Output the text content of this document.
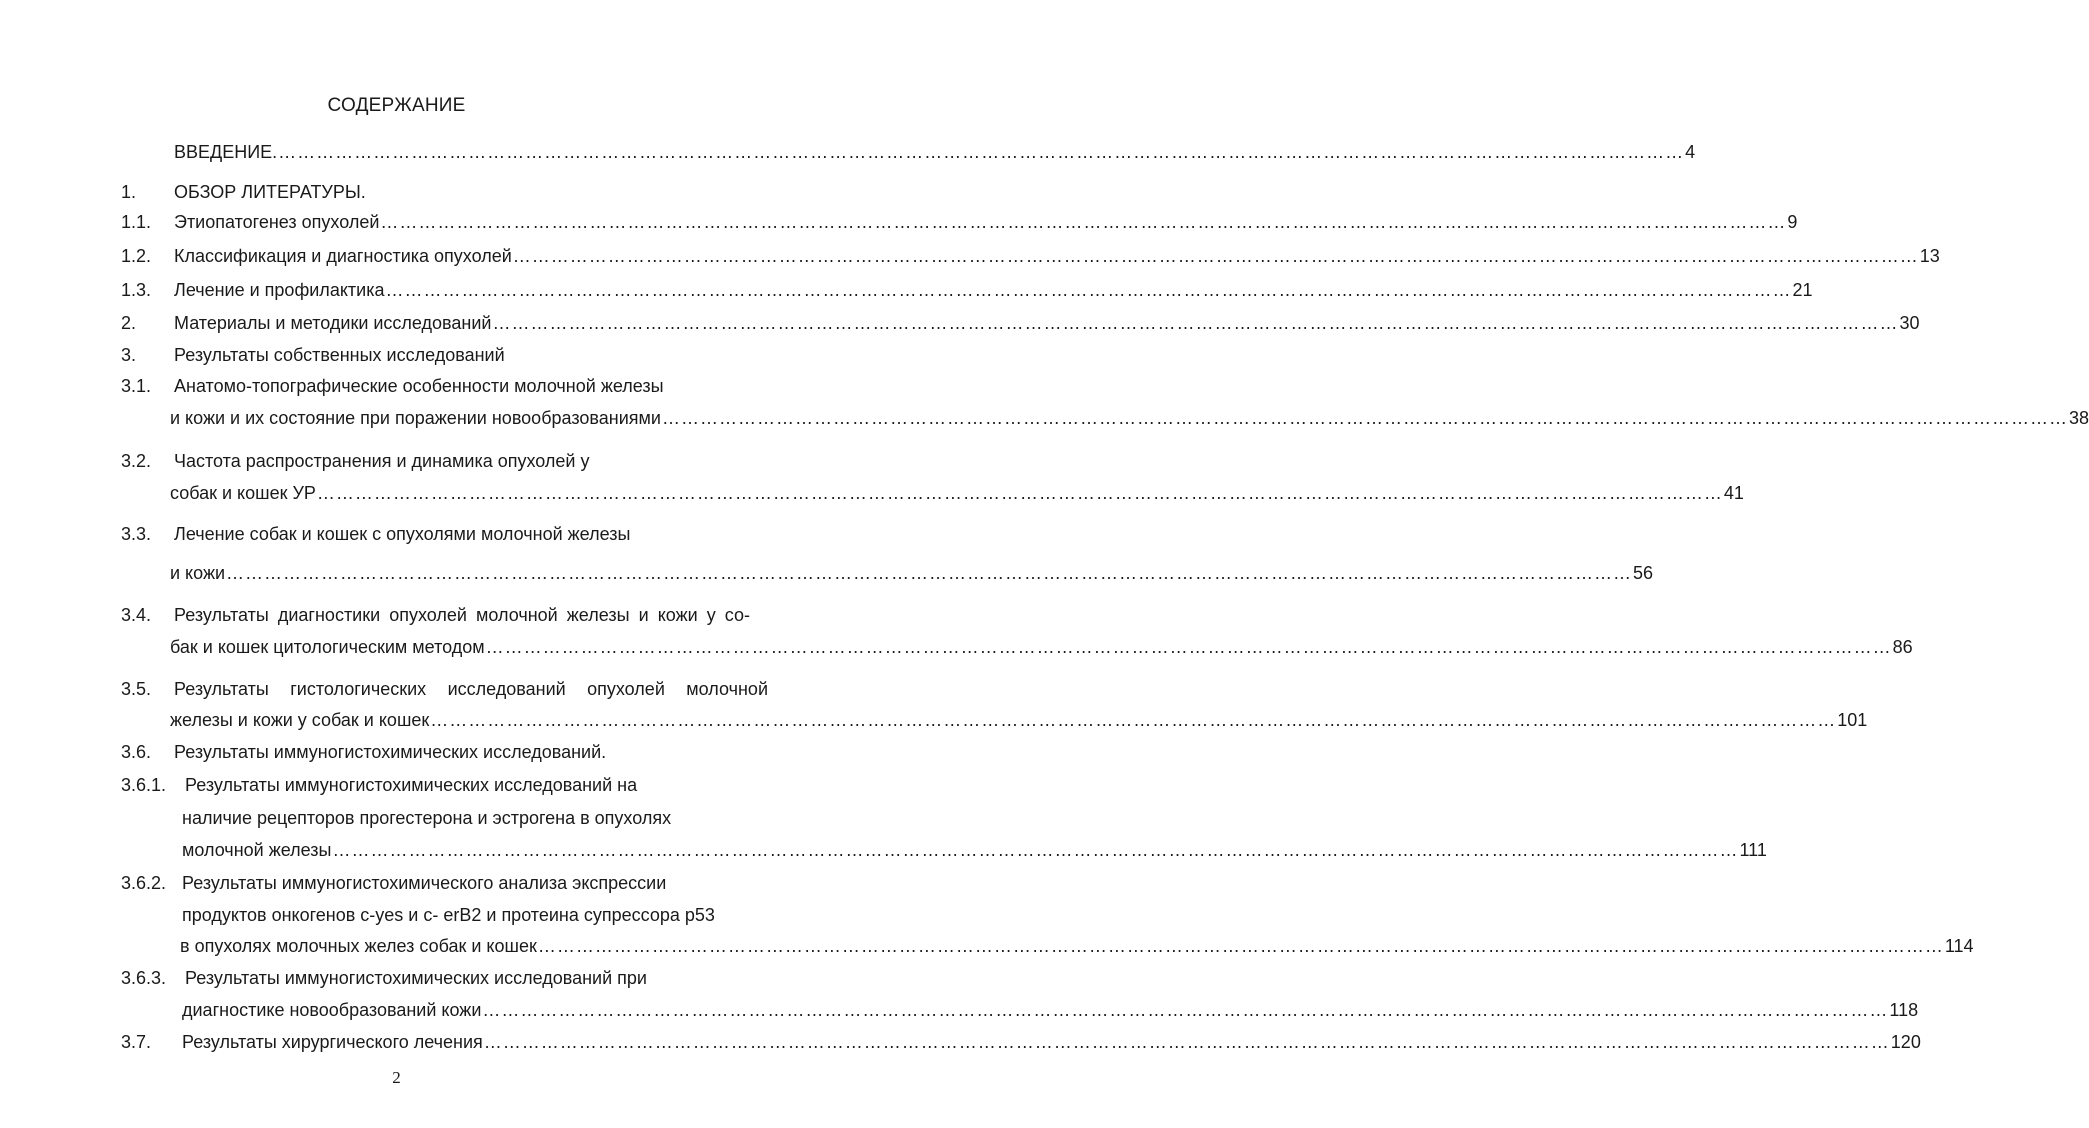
СОДЕРЖАНИЕ
ВВЕДЕНИЕ. …………………………………………………………………………………………………………………………………………………………………………………………………… 4
1. ОБЗОР ЛИТЕРАТУРЫ.
1.1. Этиопатогенез опухолей …………………………………………………………………………………………………………………………………………………………………………………………………… 9
1.2. Классификация и диагностика опухолей …………………………………………………………………………………………………………………………………………………………………………………………………… 13
1.3. Лечение и профилактика …………………………………………………………………………………………………………………………………………………………………………………………………… 21
2. Материалы и методики исследований …………………………………………………………………………………………………………………………………………………………………………………………………… 30
3. Результаты собственных исследований
3.1. Анатомо-топографические особенности молочной железы
и кожи и их состояние при поражении новообразованиями …………………………………………………………………………………………………………………………………………………………………………………………………… 38
3.2. Частота распространения и динамика опухолей у
собак и кошек УР …………………………………………………………………………………………………………………………………………………………………………………………………… 41
3.3. Лечение собак и кошек с опухолями молочной железы
и кожи …………………………………………………………………………………………………………………………………………………………………………………………………… 56
3.4. Результаты диагностики опухолей молочной железы и кожи у со-
бак и кошек цитологическим методом …………………………………………………………………………………………………………………………………………………………………………………………………… 86
3.5. Результаты гистологических исследований опухолей молочной
железы и кожи у собак и кошек …………………………………………………………………………………………………………………………………………………………………………………………………… 101
3.6. Результаты иммуногистохимических исследований.
3.6.1. Результаты иммуногистохимических исследований на
наличие рецепторов прогестерона и эстрогена в опухолях
молочной железы …………………………………………………………………………………………………………………………………………………………………………………………………… 111
3.6.2. Результаты иммуногистохимического анализа экспрессии
продуктов онкогенов c-yes и c- erB2 и протеина супрессора p53
в опухолях молочных желез собак и кошек …………………………………………………………………………………………………………………………………………………………………………………………………… 114
3.6.3. Результаты иммуногистохимических исследований при
диагностике новообразований кожи …………………………………………………………………………………………………………………………………………………………………………………………………… 118
3.7. Результаты хирургического лечения …………………………………………………………………………………………………………………………………………………………………………………………………… 120
2
